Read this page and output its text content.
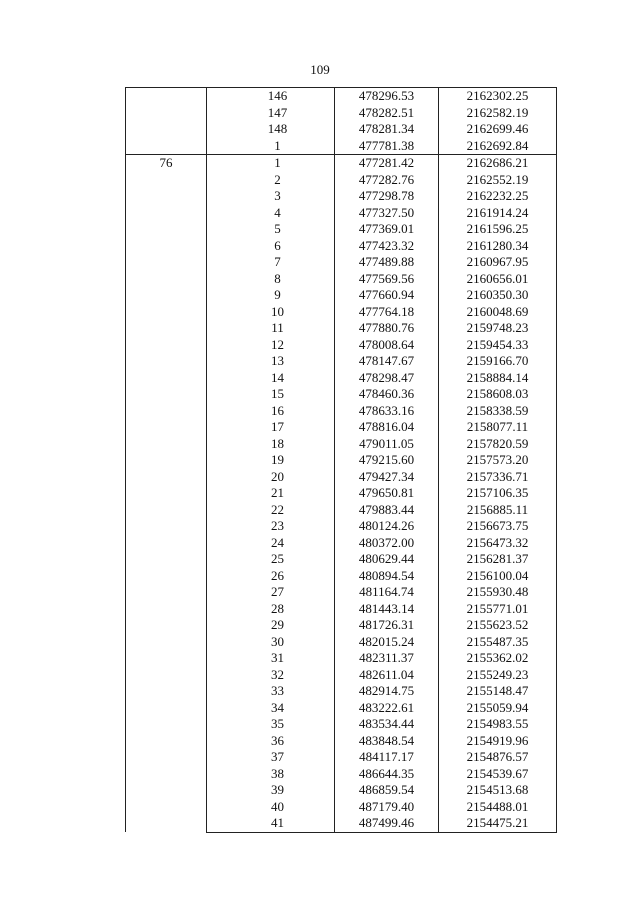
109
	146	478296.53	2162302.25
	147	478282.51	2162582.19
	148	478281.34	2162699.46
	1	477781.38	2162692.84
76	1	477281.42	2162686.21
	2	477282.76	2162552.19
	3	477298.78	2162232.25
	4	477327.50	2161914.24
	5	477369.01	2161596.25
	6	477423.32	2161280.34
	7	477489.88	2160967.95
	8	477569.56	2160656.01
	9	477660.94	2160350.30
	10	477764.18	2160048.69
	11	477880.76	2159748.23
	12	478008.64	2159454.33
	13	478147.67	2159166.70
	14	478298.47	2158884.14
	15	478460.36	2158608.03
	16	478633.16	2158338.59
	17	478816.04	2158077.11
	18	479011.05	2157820.59
	19	479215.60	2157573.20
	20	479427.34	2157336.71
	21	479650.81	2157106.35
	22	479883.44	2156885.11
	23	480124.26	2156673.75
	24	480372.00	2156473.32
	25	480629.44	2156281.37
	26	480894.54	2156100.04
	27	481164.74	2155930.48
	28	481443.14	2155771.01
	29	481726.31	2155623.52
	30	482015.24	2155487.35
	31	482311.37	2155362.02
	32	482611.04	2155249.23
	33	482914.75	2155148.47
	34	483222.61	2155059.94
	35	483534.44	2154983.55
	36	483848.54	2154919.96
	37	484117.17	2154876.57
	38	486644.35	2154539.67
	39	486859.54	2154513.68
	40	487179.40	2154488.01
	41	487499.46	2154475.21
